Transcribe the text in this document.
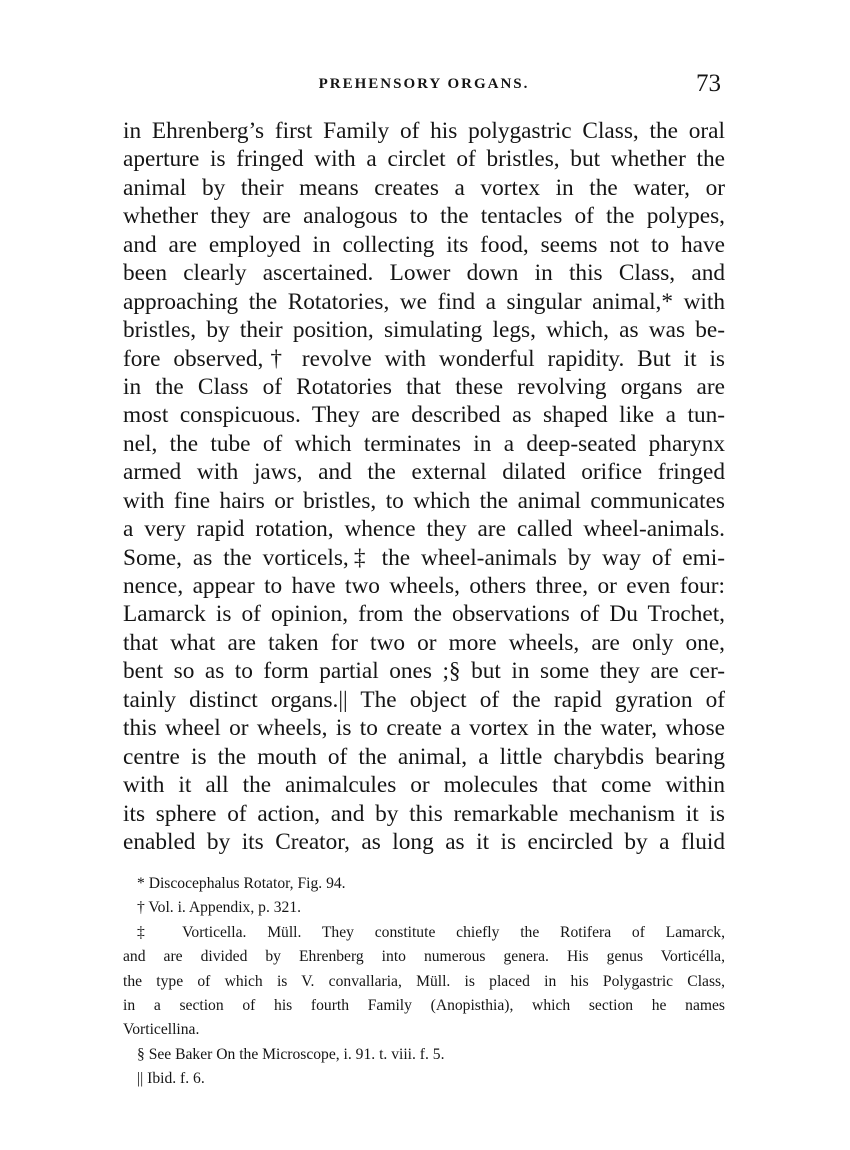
PREHENSORY ORGANS.	73
in Ehrenberg’s first Family of his polygastric Class, the oral
aperture is fringed with a circlet of bristles, but whether the
animal by their means creates a vortex in the water, or
whether they are analogous to the tentacles of the polypes,
and are employed in collecting its food, seems not to have
been clearly ascertained. Lower down in this Class, and
approaching the Rotatories, we find a singular animal,* with
bristles, by their position, simulating legs, which, as was be-
fore observed,† revolve with wonderful rapidity. But it is
in the Class of Rotatories that these revolving organs are
most conspicuous. They are described as shaped like a tun-
nel, the tube of which terminates in a deep-seated pharynx
armed with jaws, and the external dilated orifice fringed
with fine hairs or bristles, to which the animal communicates
a very rapid rotation, whence they are called wheel-animals.
Some, as the vorticels,‡ the wheel-animals by way of emi-
nence, appear to have two wheels, others three, or even four:
Lamarck is of opinion, from the observations of Du Trochet,
that what are taken for two or more wheels, are only one,
bent so as to form partial ones ;§ but in some they are cer-
tainly distinct organs.|| The object of the rapid gyration of
this wheel or wheels, is to create a vortex in the water, whose
centre is the mouth of the animal, a little charybdis bearing
with it all the animalcules or molecules that come within
its sphere of action, and by this remarkable mechanism it is
enabled by its Creator, as long as it is encircled by a fluid
* Discocephalus Rotator, Fig. 94.
† Vol. i. Appendix, p. 321.
‡ Vorticella. Müll. They constitute chiefly the Rotifera of Lamarck,
and are divided by Ehrenberg into numerous genera. His genus Vorticélla,
the type of which is V. convallaria, Müll. is placed in his Polygastric Class,
in a section of his fourth Family (Anopisthia), which section he names
Vorticellina.
§ See Baker On the Microscope, i. 91. t. viii. f. 5.
|| Ibid. f. 6.
